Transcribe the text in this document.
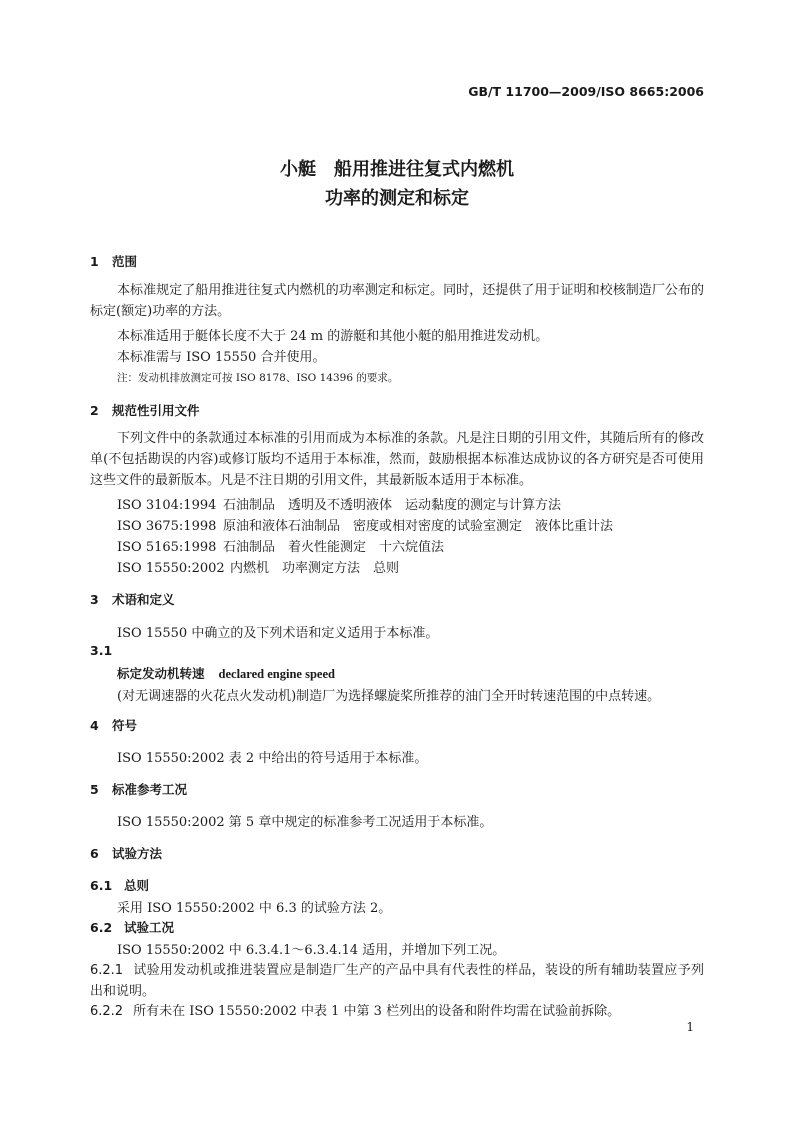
GB/T 11700—2009/ISO 8665:2006
小艇　船用推进往复式内燃机
功率的测定和标定
1 范围
本标准规定了船用推进往复式内燃机的功率测定和标定。同时，还提供了用于证明和校核制造厂公布的标定(额定)功率的方法。
本标准适用于艇体长度不大于 24 m 的游艇和其他小艇的船用推进发动机。
本标准需与 ISO 15550 合并使用。
注：发动机排放测定可按 ISO 8178、ISO 14396 的要求。
2 规范性引用文件
下列文件中的条款通过本标准的引用而成为本标准的条款。凡是注日期的引用文件，其随后所有的修改单(不包括勘误的内容)或修订版均不适用于本标准，然而，鼓励根据本标准达成协议的各方研究是否可使用这些文件的最新版本。凡是不注日期的引用文件，其最新版本适用于本标准。
ISO 3104:1994 石油制品　透明及不透明液体　运动黏度的测定与计算方法
ISO 3675:1998 原油和液体石油制品　密度或相对密度的试验室测定　液体比重计法
ISO 5165:1998 石油制品　着火性能测定　十六烷值法
ISO 15550:2002 内燃机　功率测定方法　总则
3 术语和定义
ISO 15550 中确立的及下列术语和定义适用于本标准。
3.1
标定发动机转速 declared engine speed
(对无调速器的火花点火发动机)制造厂为选择螺旋桨所推荐的油门全开时转速范围的中点转速。
4 符号
ISO 15550:2002 表 2 中给出的符号适用于本标准。
5 标准参考工况
ISO 15550:2002 第 5 章中规定的标准参考工况适用于本标准。
6 试验方法
6.1 总则
采用 ISO 15550:2002 中 6.3 的试验方法 2。
6.2 试验工况
ISO 15550:2002 中 6.3.4.1～6.3.4.14 适用，并增加下列工况。
6.2.1 试验用发动机或推进装置应是制造厂生产的产品中具有代表性的样品，装设的所有辅助装置应予列出和说明。
6.2.2 所有未在 ISO 15550:2002 中表 1 中第 3 栏列出的设备和附件均需在试验前拆除。
1
